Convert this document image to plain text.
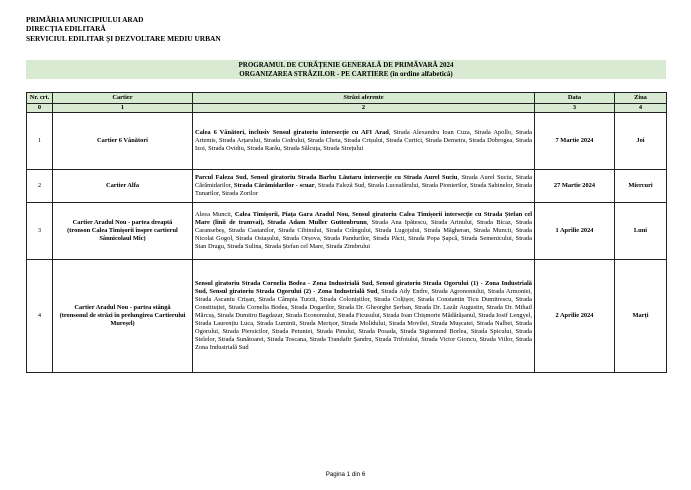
PRIMĂRIA MUNICIPIULUI ARAD
DIRECȚIA EDILITARĂ
SERVICIUL EDILITAR ȘI DEZVOLTARE MEDIU URBAN
PROGRAMUL DE CURĂȚENIE GENERALĂ DE PRIMĂVARĂ 2024
ORGANIZAREA STRĂZILOR - PE CARTIERE (în ordine alfabetică)
Nr. crt.	Cartier	Străzi aferente	Data	Ziua
0	1	2	3	4
1	Cartier 6 Vânători	Calea 6 Vânători, inclusiv Sensul giratoriu intersecție cu AFI Arad, Strada Alexandru Ioan Cuza, Strada Apollo, Strada Artemis, Strada Arțarului, Strada Cedrului, Strada Cheia, Strada Crișului, Strada Curtici, Strada Demetra, Strada Dobrogea, Strada Izoi, Strada Ovidiu, Strada Rarău, Strada Sălcuța, Strada Sirețului	7 Martie 2024	Joi
2	Cartier Alfa	Parcul Faleza Sud, Sensul giratoriu Strada Barbu Lăutaru intersecție cu Strada Aurel Suciu, Strada Aurel Suciu, Strada Cărămidarilor, Strada Cărămidarilor - scuar, Strada Falezã Sud, Strada Luceafărului, Strada Pionierilor, Strada Sabinelor, Strada Tunarilor, Strada Zorilor	27 Martie 2024	Miercuri
3	Cartier Aradul Nou - partea dreaptă
(tronson Calea Timișorii înspre cartierul Sânnicolaul Mic)	Aleea Muncii, Calea Timișorii, Piața Gara Aradul Nou, Sensul giratoriu Calea Timișorii intersecție cu Strada Ștefan cel Mare (linii de tramvai), Strada Adam Muller Guttenbrunn, Strada Ana Ipătescu, Strada Arinului, Strada Bicaz, Strada Caransebeș, Strada Castanilor, Strada Cibinului, Strada Crângului, Strada Lugojului, Strada Măgheran, Strada Muncii, Strada Nicolai Gogol, Strada Ostașului, Strada Orșova, Strada Pandurilor, Strada Păcii, Strada Popa Șapcă, Strada Semenicului, Strada Stan Dragu, Strada Sulina, Strada Ștefan cel Mare, Strada Zimbrului	1 Aprilie 2024	Luni
4	Cartier Aradul Nou - partea stângă
(tronsonul de străzi în prelungirea Cartierului Mureșel)	Sensul giratoriu Strada Cornelia Bodea - Zona Industrială Sud, Sensul giratoriu Strada Ogorului (1) - Zona Industrială Sud, Sensul giratoriu Strada Ogorului (2) - Zona Industrială Sud, Strada Ady Endre, Strada Agronomului, Strada Armoniei, Strada Ascaniu Crișan, Strada Câmpia Turzii, Strada Coloniștilor, Strada Colțișor, Strada Constantin Ticu Dumitrescu, Strada Constituției, Strada Cornelia Bodea, Strada Dogarilor, Strada Dr. Gheorghe Șerban, Strada Dr. Lazăr Augustin, Strada Dr. Mihail Mărcuș, Strada Dumitru Bagdazar, Strada Economului, Strada Ficusului, Strada Ioan Chișmorie Mădărășanul, Strada Iosif Lengyel, Strada Laurențiu Luca, Strada Luminii, Strada Merișor, Strada Molidului, Strada Movilei, Strada Mușcatei, Strada Nalbei, Strada Ogorului, Strada Piersicilor, Strada Petuniei, Strada Pinului, Strada Posada, Strada Sigismund Borlea, Strada Spicului, Strada Stelelor, Strada Sunătoarei, Strada Toscana, Strada Trandafir Șandru, Strada Trifoiului, Strada Victor Gioncu, Strada Viilor, Strada Zona Industrială Sud	2 Aprilie 2024	Marți
Pagina 1 din 6
